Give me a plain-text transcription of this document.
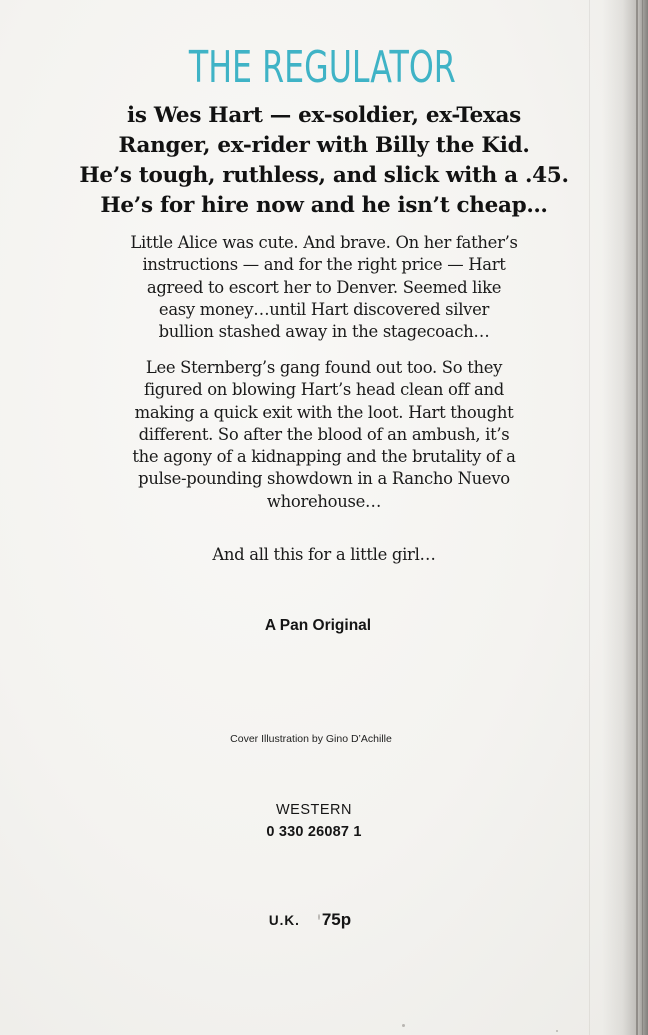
THE REGULATOR

is Wes Hart — ex-soldier, ex-Texas
Ranger, ex-rider with Billy the Kid.
He’s tough, ruthless, and slick with a .45.
He’s for hire now and he isn’t cheap…

Little Alice was cute. And brave. On her father’s
instructions — and for the right price — Hart
agreed to escort her to Denver. Seemed like
easy money…until Hart discovered silver
bullion stashed away in the stagecoach…

Lee Sternberg’s gang found out too. So they
figured on blowing Hart’s head clean off and
making a quick exit with the loot. Hart thought
different. So after the blood of an ambush, it’s
the agony of a kidnapping and the brutality of a
pulse-pounding showdown in a Rancho Nuevo
whorehouse…

And all this for a little girl…

A Pan Original

Cover Illustration by Gino D’Achille

WESTERN

0 330 26087 1

U.K. 75p
